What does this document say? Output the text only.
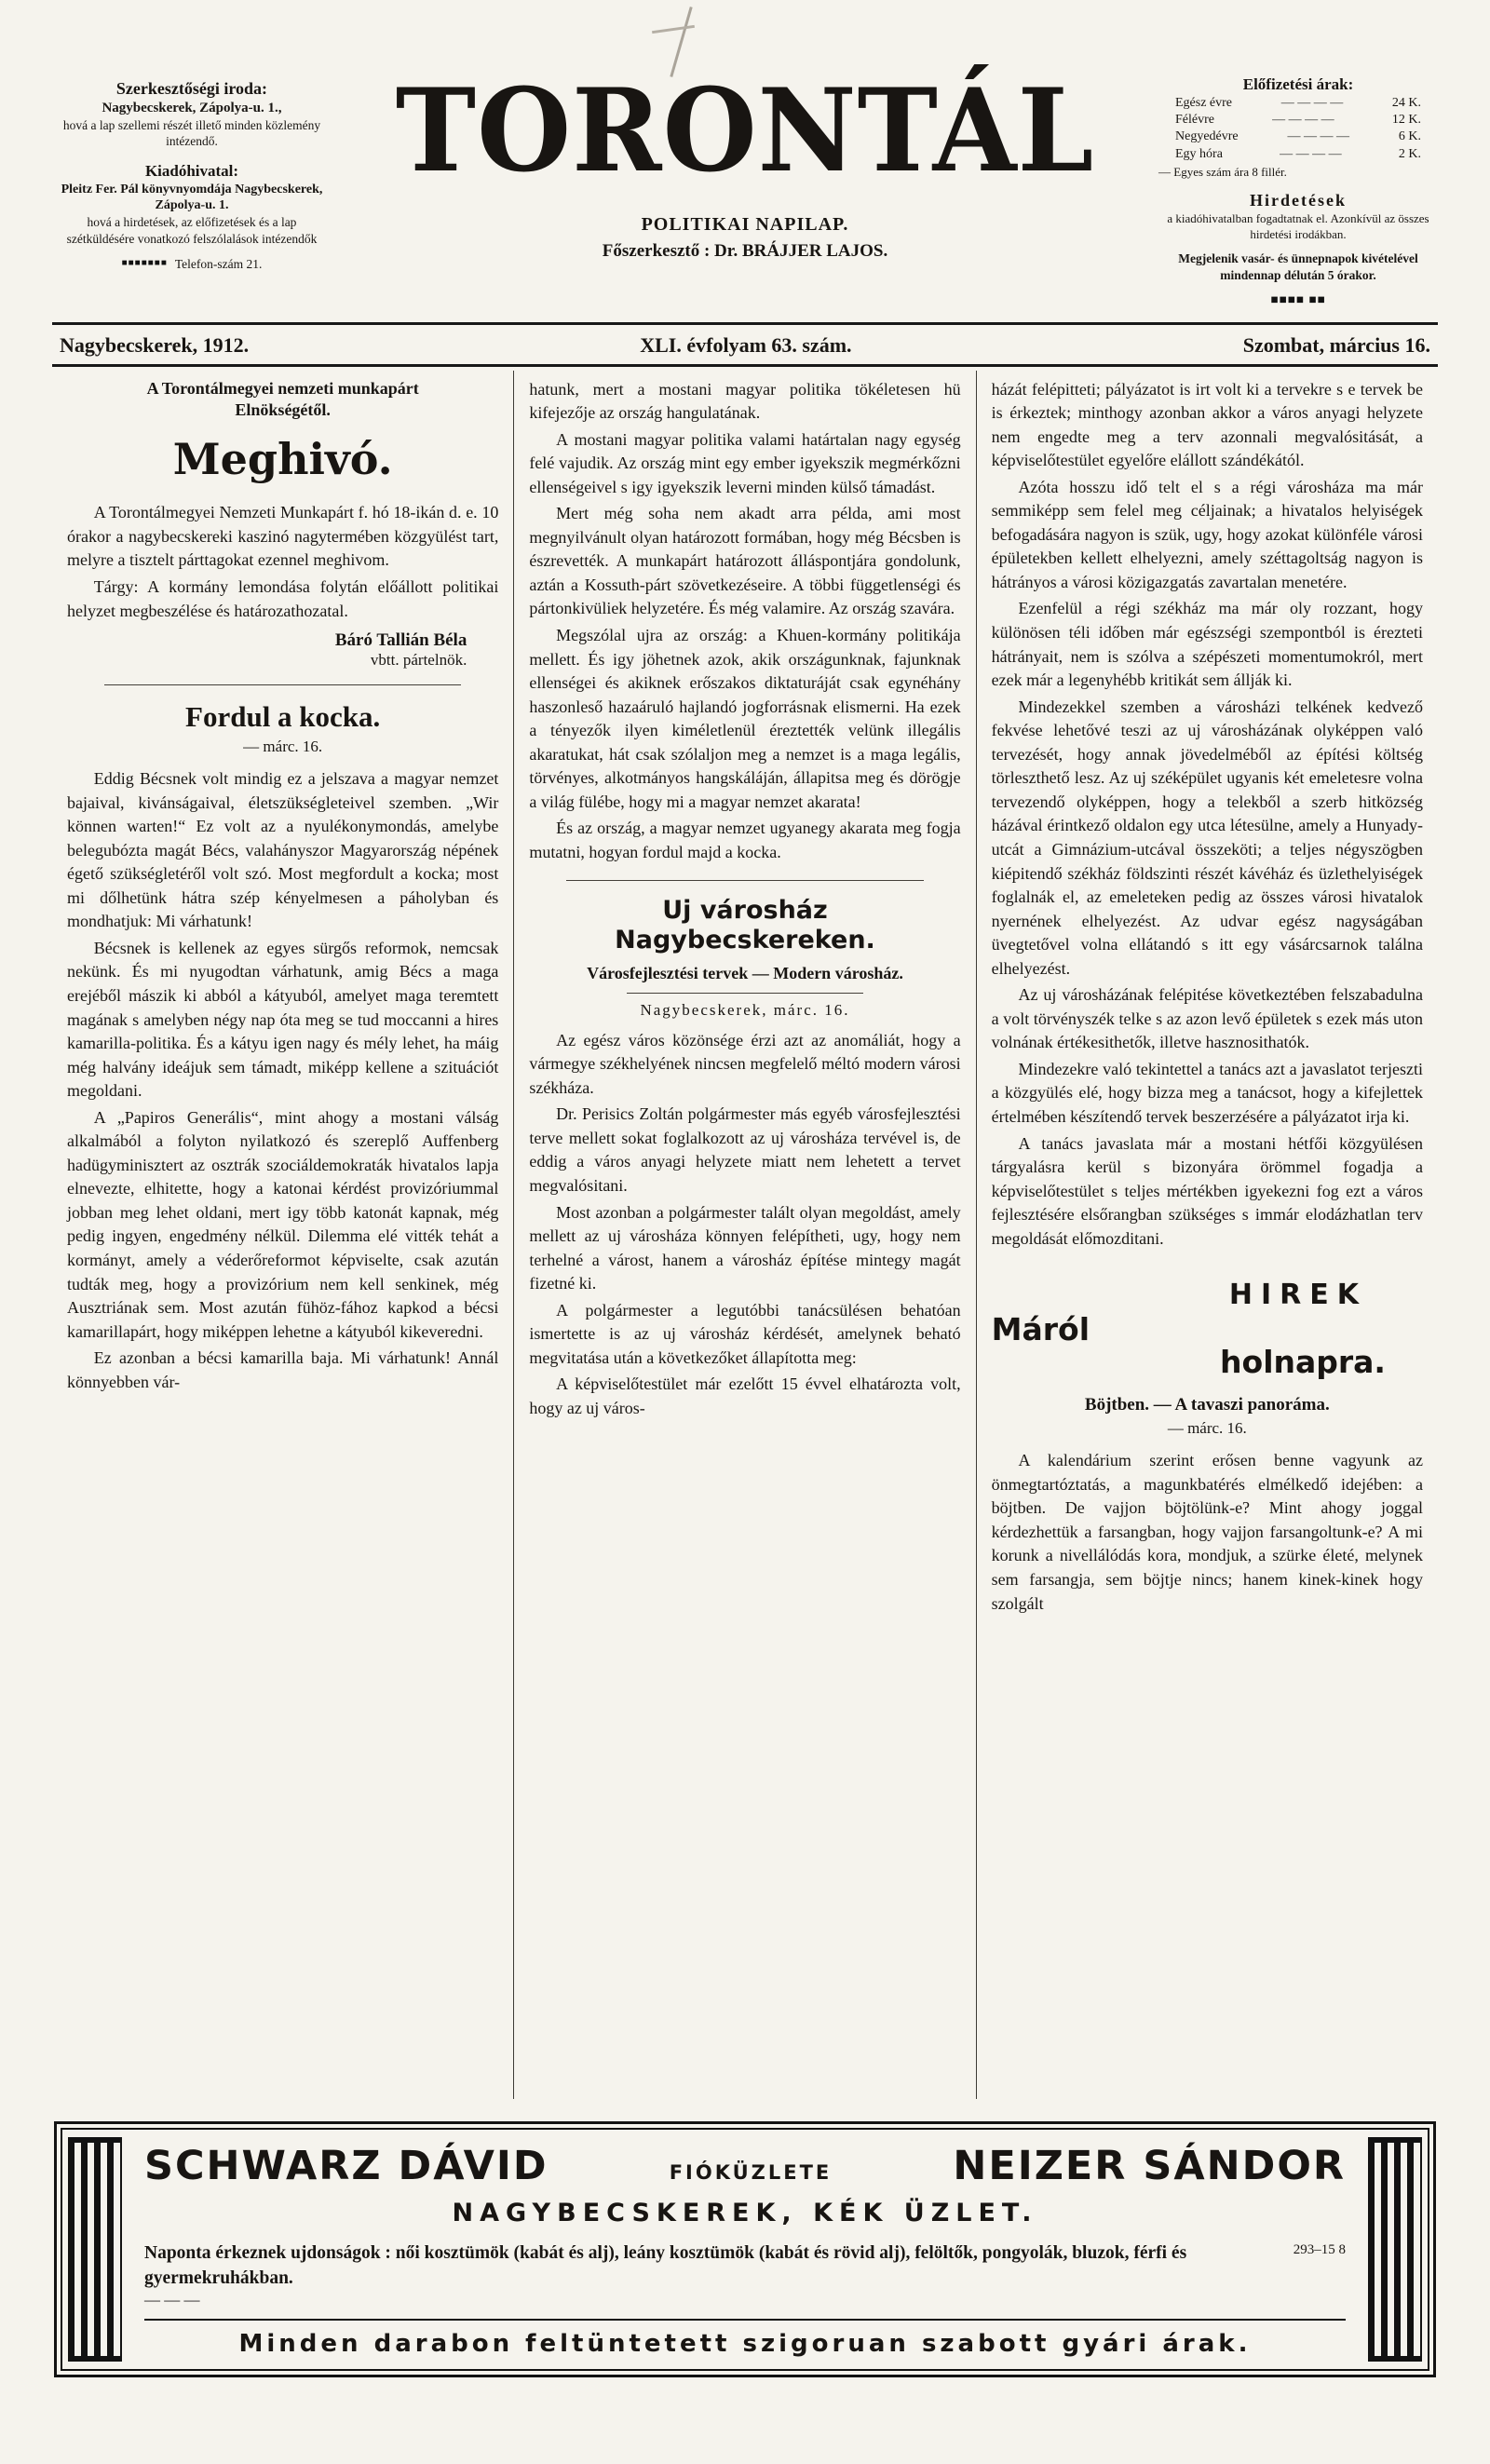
Szerkesztőségi iroda:
Nagybecskerek, Zápolya-u. 1.,
hová a lap szellemi részét illető minden közlemény intézendő.
Kiadóhivatal:
Pleitz Fer. Pál könyvnyomdája Nagybecskerek, Zápolya-u. 1.
hová a hirdetések, az előfizetések és a lap szétküldésére vonatkozó felszólalások intézendők
■■■■■■■ Telefon-szám 21.
TORONTÁL
POLITIKAI NAPILAP.
Főszerkesztő : Dr. BRÁJJER LAJOS.
Előfizetési árak:
Egész évre	— — — —	24 K.
Félévre	— — — —	12 K.
Negyedévre	— — — —	6 K.
Egy hóra	— — — —	2 K.
— Egyes szám ára 8 fillér.
Hirdetések
a kiadóhivatalban fogadtatnak el. Azonkívül az összes hirdetési irodákban.
Megjelenik vasár- és ünnepnapok kivételével mindennap délután 5 órakor.
■■■■ ■■
Nagybecskerek, 1912.	XLI. évfolyam 63. szám.	Szombat, március 16.
A Torontálmegyei nemzeti munkapárt
Elnökségétől.
Meghivó.

A Torontálmegyei Nemzeti Munkapárt f. hó 18-ikán d. e. 10 órakor a nagybecskereki kaszinó nagytermében közgyülést tart, melyre a tisztelt párttagokat ezennel meghivom.

Tárgy: A kormány lemondása folytán előállott politikai helyzet megbeszélése és határozathozatal.

Báró Tallián Béla
vbtt. pártelnök.
Fordul a kocka.
— márc. 16.

Eddig Bécsnek volt mindig ez a jelszava a magyar nemzet bajaival, kivánságaival, életszükségleteivel szemben. „Wir können warten!“ Ez volt az a nyulékonymondás, amelybe belegubózta magát Bécs, valahányszor Magyarország népének égető szükségletéről volt szó. Most megfordult a kocka; most mi dőlhetünk hátra szép kényelmesen a páholyban és mondhatjuk: Mi várhatunk!

Bécsnek is kellenek az egyes sürgős reformok, nemcsak nekünk. És mi nyugodtan várhatunk, amig Bécs a maga erejéből mászik ki abból a kátyuból, amelyet maga teremtett magának s amelyben négy nap óta meg se tud moccanni a hires kamarilla-politika. És a kátyu igen nagy és mély lehet, ha máig még halvány ideájuk sem támadt, miképp kellene a szituációt megoldani.

A „Papiros Generális“, mint ahogy a mostani válság alkalmából a folyton nyilatkozó és szereplő Auffenberg hadügyminisztert az osztrák szociáldemokraták hivatalos lapja elnevezte, elhitette, hogy a katonai kérdést provizóriummal jobban meg lehet oldani, mert igy több katonát kapnak, még pedig ingyen, engedmény nélkül. Dilemma elé vitték tehát a kormányt, amely a véderőreformot képviselte, csak azután tudták meg, hogy a provizórium nem kell senkinek, még Ausztriának sem. Most azután fühöz-fához kapkod a bécsi kamarillapárt, hogy miképpen lehetne a kátyuból kikeveredni.

Ez azonban a bécsi kamarilla baja. Mi várhatunk! Annál könnyebben vár-

hatunk, mert a mostani magyar politika tökéletesen hü kifejezője az ország hangulatának.

A mostani magyar politika valami határtalan nagy egység felé vajudik. Az ország mint egy ember igyekszik megmérkőzni ellenségeivel s igy igyekszik leverni minden külső támadást.

Mert még soha nem akadt arra példa, ami most megnyilvánult olyan határozott formában, hogy még Bécsben is észrevették. A munkapárt határozott álláspontjára gondolunk, aztán a Kossuth-párt szövetkezéseire. A többi függetlenségi és pártonkivüliek helyzetére. És még valamire. Az ország szavára.

Megszólal ujra az ország: a Khuen-kormány politikája mellett. És igy jöhetnek azok, akik országunknak, fajunknak ellenségei és akiknek erőszakos diktaturáját csak egynéhány haszonleső hazaáruló hajlandó jogforrásnak elismerni. Ha ezek a tényezők ilyen kiméletlenül éreztették velünk illegális akaratukat, hát csak szólaljon meg a nemzet is a maga legális, törvényes, alkotmányos hangskáláján, állapitsa meg és dörögje a világ fülébe, hogy mi a magyar nemzet akarata!

És az ország, a magyar nemzet ugyanegy akarata meg fogja mutatni, hogyan fordul majd a kocka.

Uj városház Nagybecskereken.
Városfejlesztési tervek — Modern városház.
Nagybecskerek, márc. 16.

Az egész város közönsége érzi azt az anomáliát, hogy a vármegye székhelyének nincsen megfelelő méltó modern városi székháza.

Dr. Perisics Zoltán polgármester más egyéb városfejlesztési terve mellett sokat foglalkozott az uj városháza tervével is, de eddig a város anyagi helyzete miatt nem lehetett a tervet megvalósitani.

Most azonban a polgármester talált olyan megoldást, amely mellett az uj városháza könnyen felépítheti, ugy, hogy nem terhelné a várost, hanem a városház építése mintegy magát fizetné ki.

A polgármester a legutóbbi tanácsülésen behatóan ismertette is az uj városház kérdését, amelynek beható megvitatása után a következőket állapította meg:

A képviselőtestület már ezelőtt 15 évvel elhatározta volt, hogy az uj város-

házát felépitteti; pályázatot is irt volt ki a tervekre s e tervek be is érkeztek; minthogy azonban akkor a város anyagi helyzete nem engedte meg a terv azonnali megvalósitását, a képviselőtestület egyelőre elállott szándékától.

Azóta hosszu idő telt el s a régi városháza ma már semmiképp sem felel meg céljainak; a hivatalos helyiségek befogadására nagyon is szük, ugy, hogy azokat különféle városi épületekben kellett elhelyezni, amely széttagoltság nagyon is hátrányos a városi közigazgatás zavartalan menetére.

Ezenfelül a régi székház ma már oly rozzant, hogy különösen téli időben már egészségi szempontból is érezteti hátrányait, nem is szólva a szépészeti momentumokról, mert ezek már a legenyhébb kritikát sem állják ki.

Mindezekkel szemben a városházi telkének kedvező fekvése lehetővé teszi az uj városházának olyképpen való tervezését, hogy annak jövedelméből az építési költség törleszthető lesz. Az uj széképület ugyanis két emeletesre volna tervezendő olyképpen, hogy a telekből a szerb hitközség házával érintkező oldalon egy utca létesülne, amely a Hunyady-utcát a Gimnázium-utcával összeköti; a teljes négyszögben kiépitendő székház földszinti részét kávéház és üzlethelyiségek foglalnák el, az emeleteken pedig az összes városi hivatalok nyernének elhelyezést. Az udvar egész nagyságában üvegtetővel volna ellátandó s itt egy vásárcsarnok találna elhelyezést.

Az uj városházának felépitése következtében felszabadulna a volt törvényszék telke s az azon levő épületek s ezek más uton volnának értékesithetők, illetve hasznosithatók.

Mindezekre való tekintettel a tanács azt a javaslatot terjeszti a közgyülés elé, hogy bizza meg a tanácsot, hogy a kifejlettek értelmében készítendő tervek beszerzésére a pályázatot irja ki.

A tanács javaslata már a mostani hétfői közgyülésen tárgyalásra kerül s bizonyára örömmel fogadja a képviselőtestület s teljes mértékben igyekezni fog ezt a város fejlesztésére elsőrangban szükséges s immár elodázhatlan terv megoldását előmozditani.

HIREK
Máról
holnapra.
Böjtben. — A tavaszi panoráma.
— márc. 16.

A kalendárium szerint erősen benne vagyunk az önmegtartóztatás, a magunkbatérés elmélkedő idejében: a böjtben. De vajjon böjtölünk-e? Mint ahogy joggal kérdezhettük a farsangban, hogy vajjon farsangoltunk-e? A mi korunk a nivellálódás kora, mondjuk, a szürke életé, melynek sem farsangja, sem böjtje nincs; hanem kinek-kinek hogy szolgált

SCHWARZ DÁVID	FIÓKÜZLETE	NEIZER SÁNDOR
NAGYBECSKEREK, KÉK ÜZLET.
293–15 8
Naponta érkeznek ujdonságok : női kosztümök (kabát és alj), leány kosztümök (kabát és rövid alj), felöltők, pongyolák, bluzok, férfi és gyermekruhákban.
— — —
Minden darabon feltüntetett szigoruan szabott gyári árak.
